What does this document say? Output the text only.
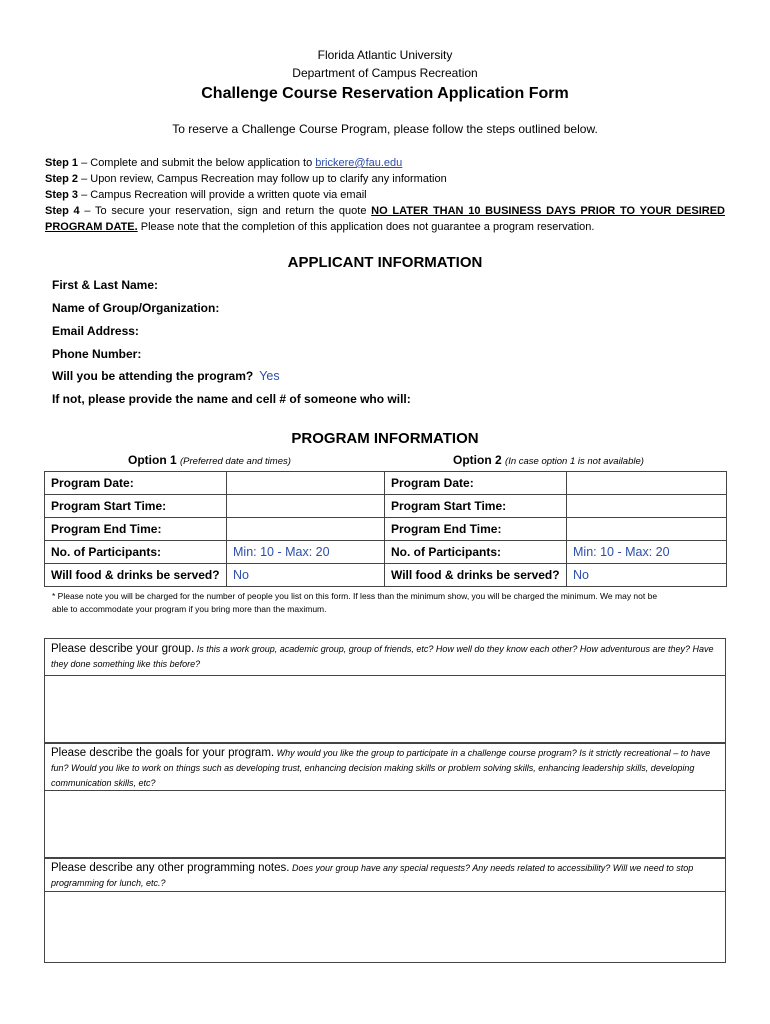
Florida Atlantic University
Department of Campus Recreation
Challenge Course Reservation Application Form
To reserve a Challenge Course Program, please follow the steps outlined below.
Step 1 – Complete and submit the below application to brickere@fau.edu
Step 2 – Upon review, Campus Recreation may follow up to clarify any information
Step 3 – Campus Recreation will provide a written quote via email
Step 4 – To secure your reservation, sign and return the quote NO LATER THAN 10 BUSINESS DAYS PRIOR TO YOUR DESIRED
PROGRAM DATE. Please note that the completion of this application does not guarantee a program reservation.
APPLICANT INFORMATION
First & Last Name:
Name of Group/Organization:
Email Address:
Phone Number:
Will you be attending the program? Yes
If not, please provide the name and cell # of someone who will:
PROGRAM INFORMATION
Option 1 (Preferred date and times)	Option 2 (In case option 1 is not available)
Program Date:		Program Date:	
Program Start Time:		Program Start Time:	
Program End Time:		Program End Time:	
No. of Participants:	Min: 10 - Max: 20	No. of Participants:	Min: 10 - Max: 20
Will food & drinks be served?	No	Will food & drinks be served?	No
* Please note you will be charged for the number of people you list on this form. If less than the minimum show, you will be charged the minimum. We may not be
able to accommodate your program if you bring more than the maximum.
Please describe your group. Is this a work group, academic group, group of friends, etc? How well do they know each other? How adventurous are they? Have they done something like this before?
Please describe the goals for your program. Why would you like the group to participate in a challenge course program? Is it strictly recreational – to have fun? Would you like to work on things such as developing trust, enhancing decision making skills or problem solving skills, enhancing leadership skills, developing communication skills, etc?
Please describe any other programming notes. Does your group have any special requests? Any needs related to accessibility? Will we need to stop programming for lunch, etc.?
